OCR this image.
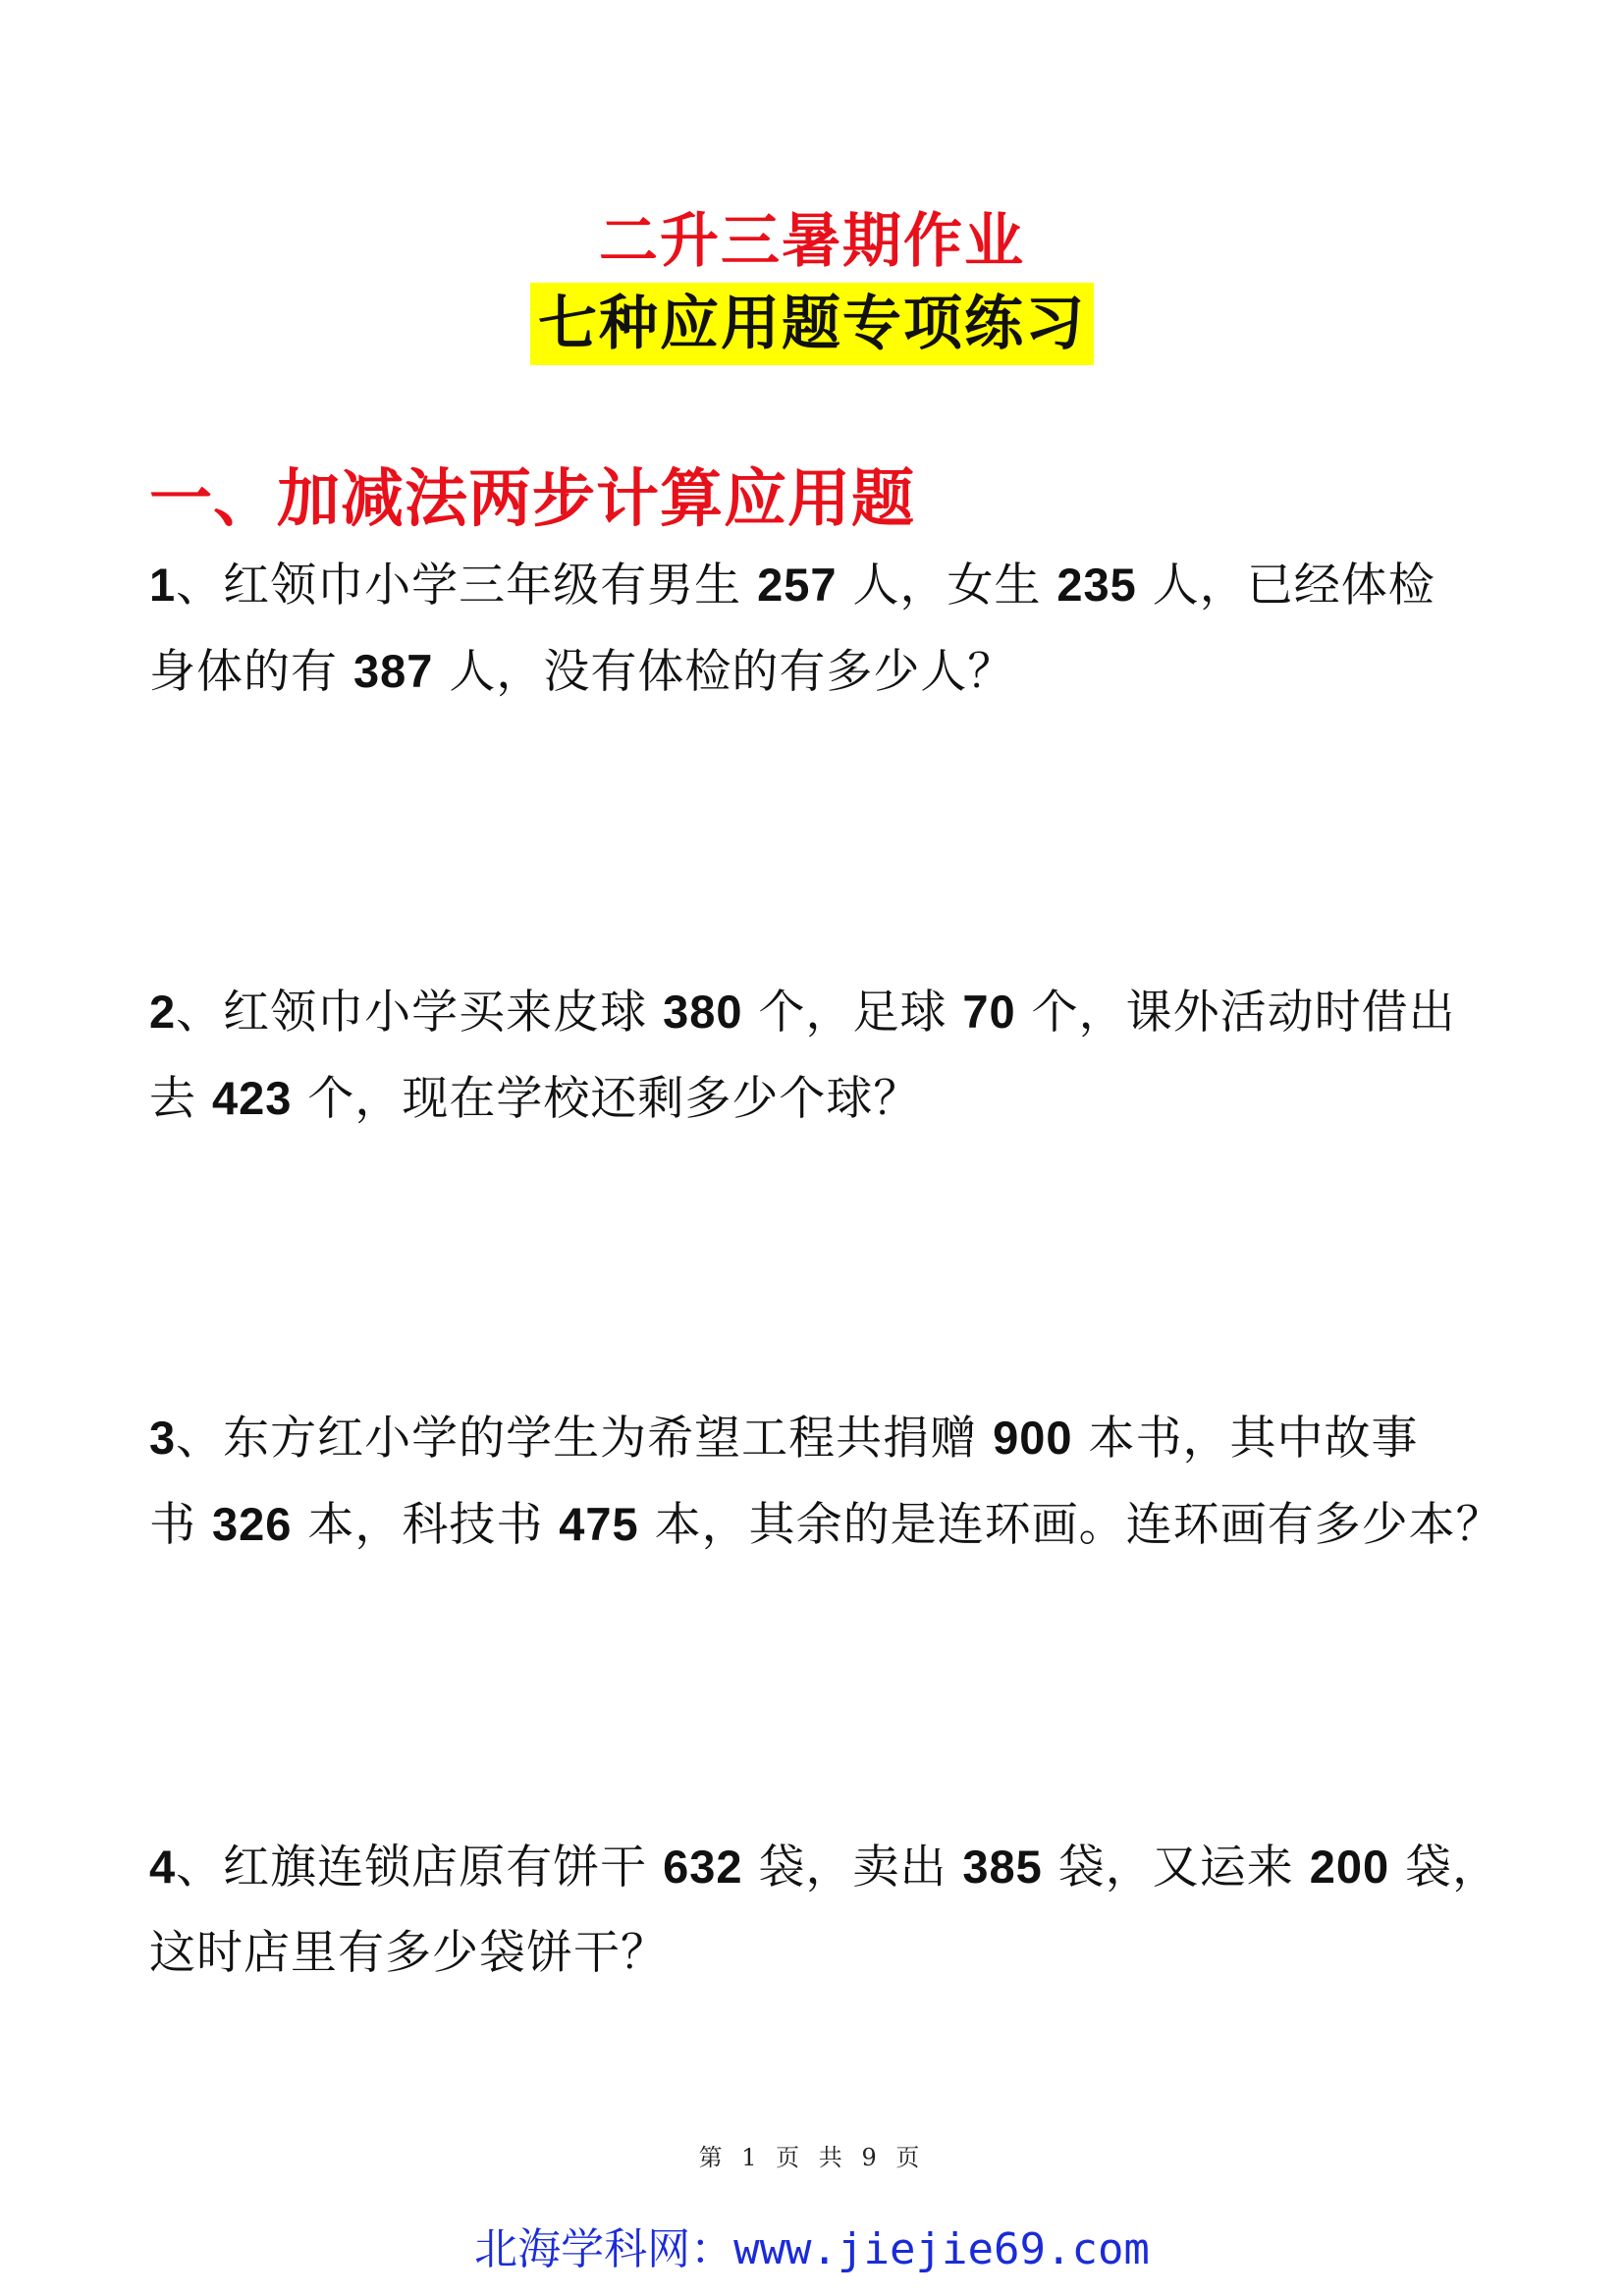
二升三暑期作业
七种应用题专项练习
一、加减法两步计算应用题
1、红领巾小学三年级有男生 257 人，女生 235 人，已经体检
身体的有 387 人，没有体检的有多少人？
2、红领巾小学买来皮球 380 个，足球 70 个，课外活动时借出
去 423 个，现在学校还剩多少个球？
3、东方红小学的学生为希望工程共捐赠 900 本书，其中故事
书 326 本，科技书 475 本，其余的是连环画。连环画有多少本？
4、红旗连锁店原有饼干 632 袋，卖出 385 袋，又运来 200 袋，
这时店里有多少袋饼干？
第 1 页 共 9 页
北海学科网：www.jiejie69.com
